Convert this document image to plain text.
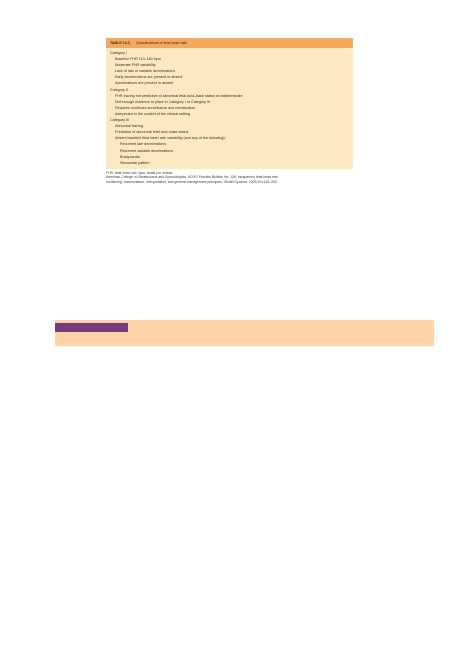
TABLE 13.3 Classifications of fetal heart rate
Category I
Baseline FHR 110–160 bpm
Moderate FHR variability
Lack of late or variable decelerations
Early decelerations are present or absent
Accelerations are present or absent
Category II
FHR tracing not predictive of abnormal fetal acid–base status or indeterminate
Not enough evidence to place in Category I or Category III
Requires continues surveillance and reevaluation
Interpreted in the context of the clinical setting
Category III
Abnormal tracing
Predictive of abnormal fetal acid–base status
Absent baseline fetal heart rate variability (and any of the following):
Recurrent late decelerations
Recurrent variable decelerations
Bradycardia
Sinusoidal pattern
FHR, fetal heart rate; bpm, beats per minute.
American College of Obstetricians and Gynecologists. ACOG Practice Bulletin No. 106: Intrapartum fetal heart rate
monitoring: nomenclature, interpretation, and general management principles. Obstet Gynecol. 2009;114:192–202.
